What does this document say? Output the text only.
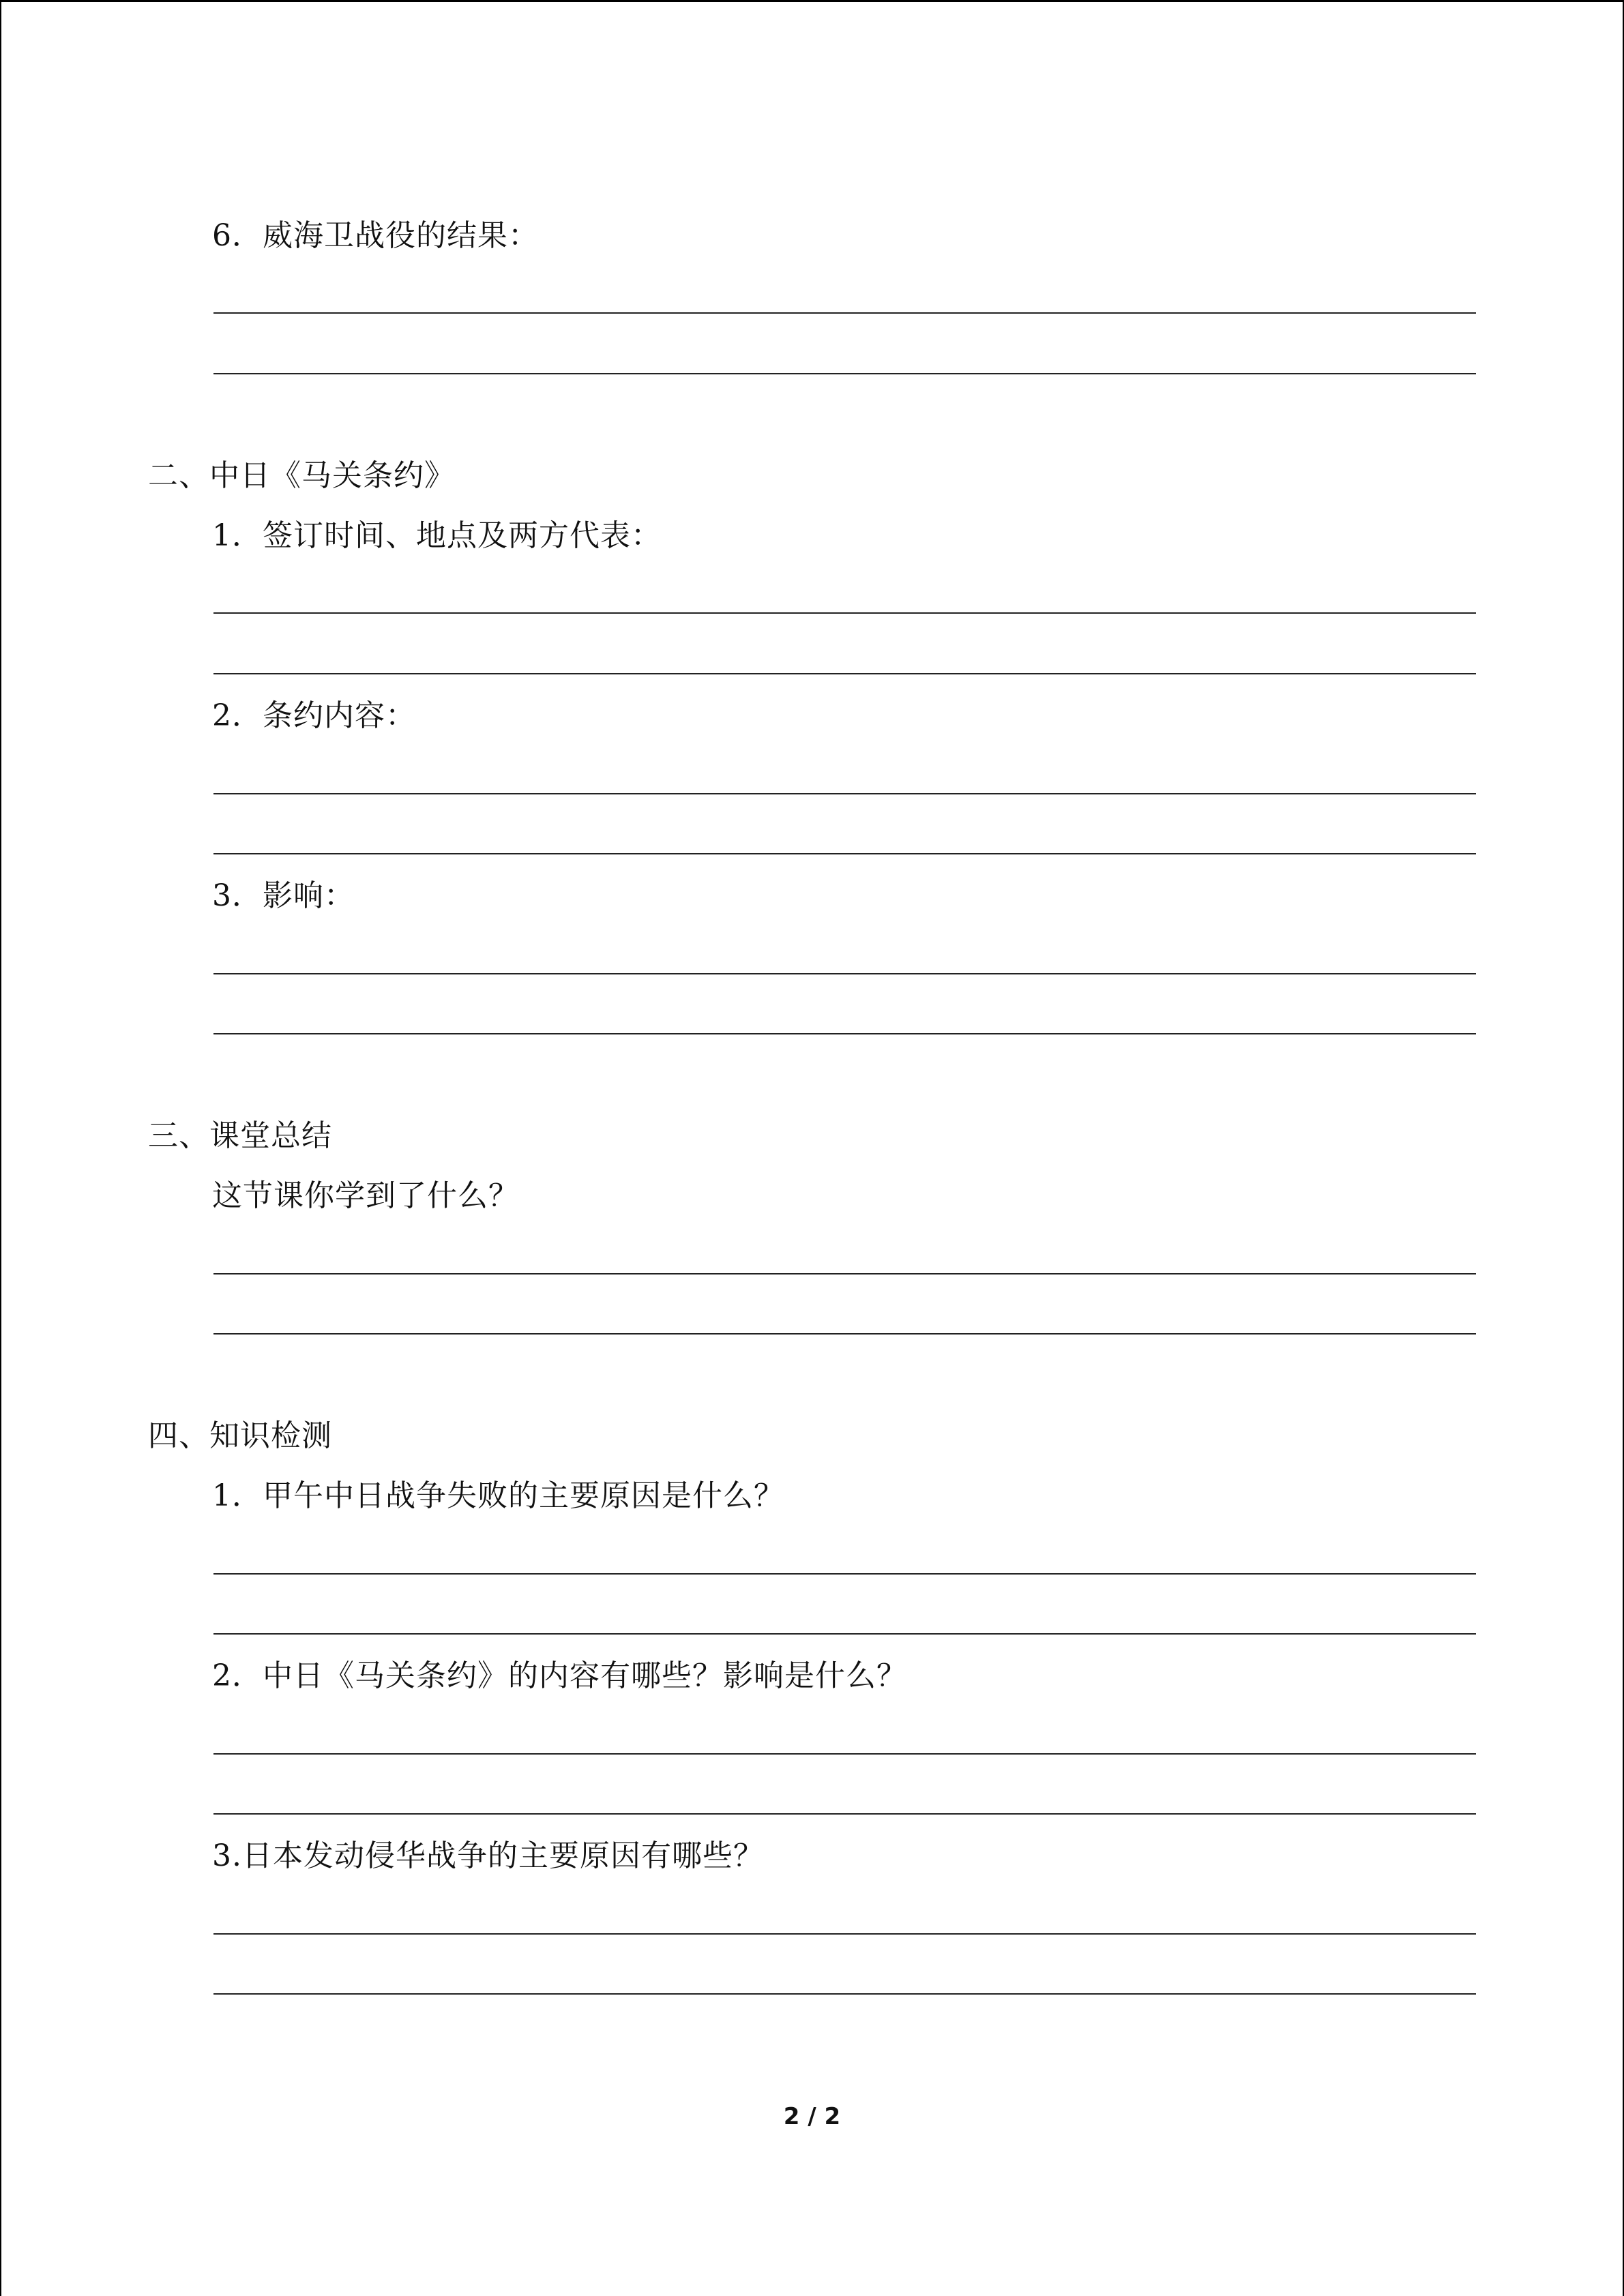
6．威海卫战役的结果：
二、中日《马关条约》
1．签订时间、地点及两方代表：
2．条约内容：
3．影响：
三、课堂总结
这节课你学到了什么？
四、知识检测
1．甲午中日战争失败的主要原因是什么？
2．中日《马关条约》的内容有哪些？影响是什么？
3.日本发动侵华战争的主要原因有哪些？
2 / 2
